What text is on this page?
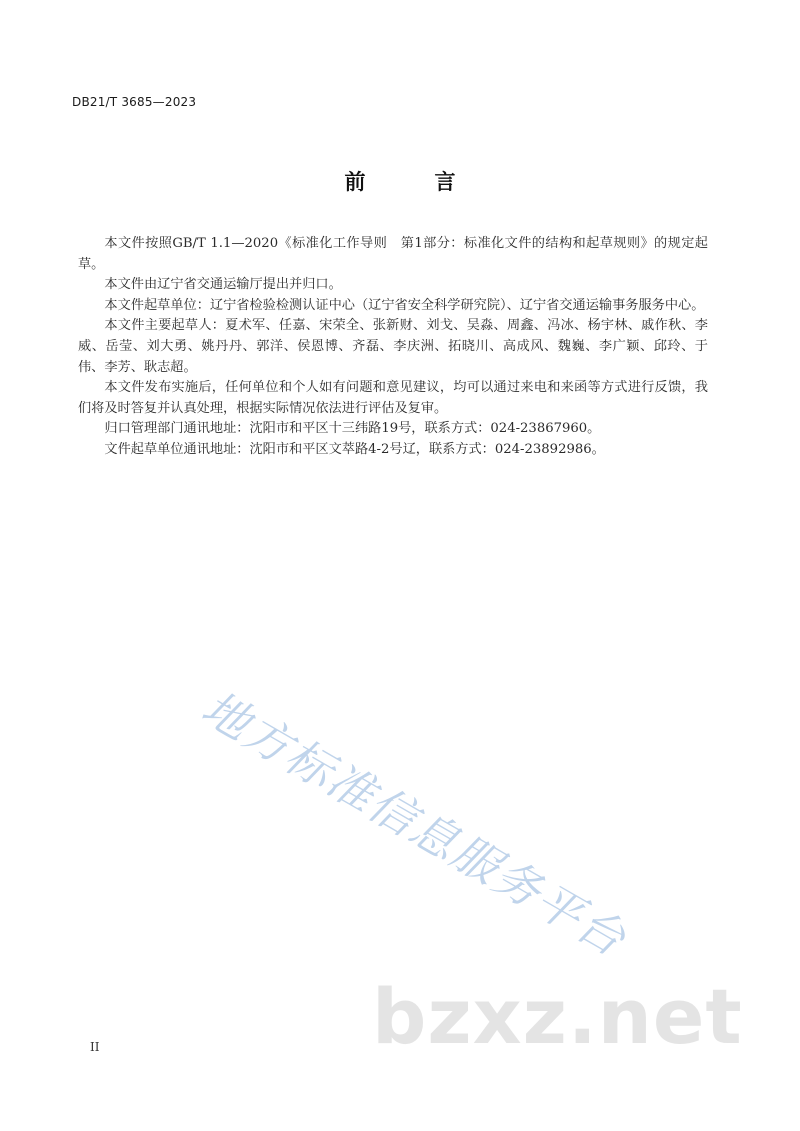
DB21/T 3685—2023
前　言

本文件按照GB/T 1.1—2020《标准化工作导则　第1部分：标准化文件的结构和起草规则》的规定起草。

本文件由辽宁省交通运输厅提出并归口。

本文件起草单位：辽宁省检验检测认证中心（辽宁省安全科学研究院）、辽宁省交通运输事务服务中心。

本文件主要起草人：夏术军、任嘉、宋荣全、张新财、刘戈、吴淼、周鑫、冯冰、杨宇林、戚作秋、李威、岳莹、刘大勇、姚丹丹、郭洋、侯恩博、齐磊、李庆洲、拓晓川、高成风、魏巍、李广颖、邱玲、于伟、李芳、耿志超。

本文件发布实施后，任何单位和个人如有问题和意见建议，均可以通过来电和来函等方式进行反馈，我们将及时答复并认真处理，根据实际情况依法进行评估及复审。

归口管理部门通讯地址：沈阳市和平区十三纬路19号，联系方式：024-23867960。

文件起草单位通讯地址：沈阳市和平区文萃路4-2号辽，联系方式：024-23892986。

地方标准信息服务平台
bzxz.net
II
